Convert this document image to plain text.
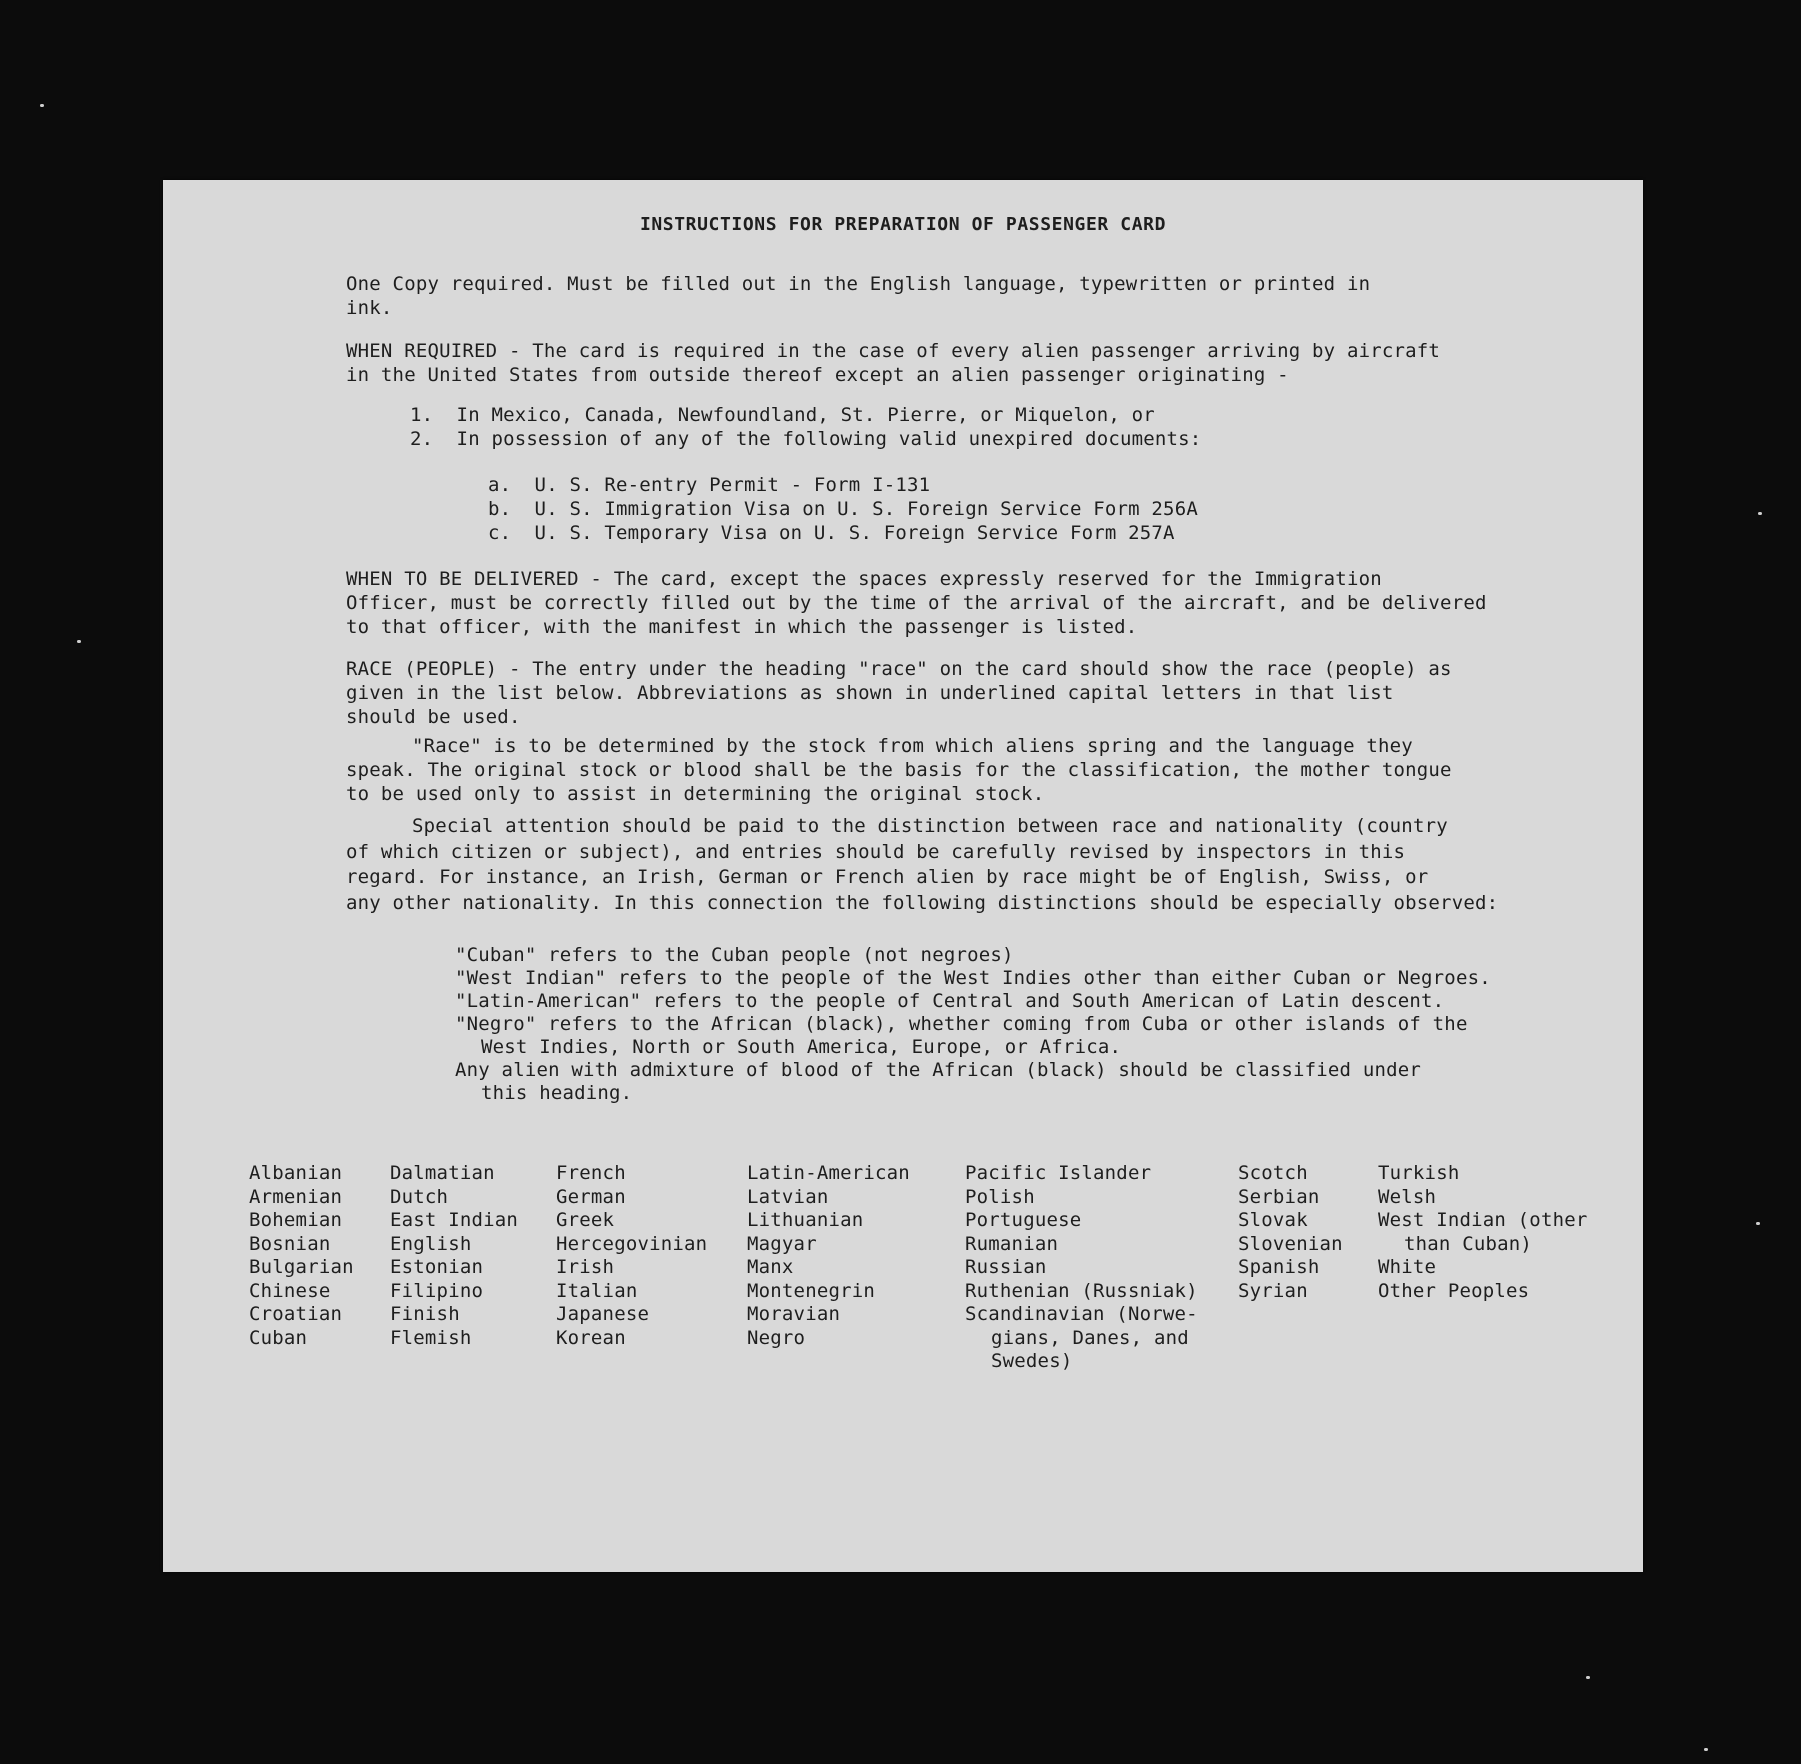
INSTRUCTIONS FOR PREPARATION OF PASSENGER CARD
One Copy required. Must be filled out in the English language, typewritten or printed in
ink.
WHEN REQUIRED - The card is required in the case of every alien passenger arriving by aircraft
in the United States from outside thereof except an alien passenger originating -
1.  In Mexico, Canada, Newfoundland, St. Pierre, or Miquelon, or
2.  In possession of any of the following valid unexpired documents:
a.  U. S. Re-entry Permit - Form I-131
b.  U. S. Immigration Visa on U. S. Foreign Service Form 256A
c.  U. S. Temporary Visa on U. S. Foreign Service Form 257A
WHEN TO BE DELIVERED - The card, except the spaces expressly reserved for the Immigration
Officer, must be correctly filled out by the time of the arrival of the aircraft, and be delivered
to that officer, with the manifest in which the passenger is listed.
RACE (PEOPLE) - The entry under the heading "race" on the card should show the race (people) as
given in the list below. Abbreviations as shown in underlined capital letters in that list
should be used.
"Race" is to be determined by the stock from which aliens spring and the language they
speak. The original stock or blood shall be the basis for the classification, the mother tongue
to be used only to assist in determining the original stock.
Special attention should be paid to the distinction between race and nationality (country
of which citizen or subject), and entries should be carefully revised by inspectors in this
regard. For instance, an Irish, German or French alien by race might be of English, Swiss, or
any other nationality. In this connection the following distinctions should be especially observed:
"Cuban" refers to the Cuban people (not negroes)
"West Indian" refers to the people of the West Indies other than either Cuban or Negroes.
"Latin-American" refers to the people of Central and South American of Latin descent.
"Negro" refers to the African (black), whether coming from Cuba or other islands of the
West Indies, North or South America, Europe, or Africa.
Any alien with admixture of blood of the African (black) should be classified under
this heading.
Albanian
Armenian
Bohemian
Bosnian
Bulgarian
Chinese
Croatian
Cuban
Dalmatian
Dutch
East Indian
English
Estonian
Filipino
Finish
Flemish
French
German
Greek
Hercegovinian
Irish
Italian
Japanese
Korean
Latin-American
Latvian
Lithuanian
Magyar
Manx
Montenegrin
Moravian
Negro
Pacific Islander
Polish
Portuguese
Rumanian
Russian
Ruthenian (Russniak)
Scandinavian (Norwe-
gians, Danes, and
Swedes)
Scotch
Serbian
Slovak
Slovenian
Spanish
Syrian
Turkish
Welsh
West Indian (other
than Cuban)
White
Other Peoples
